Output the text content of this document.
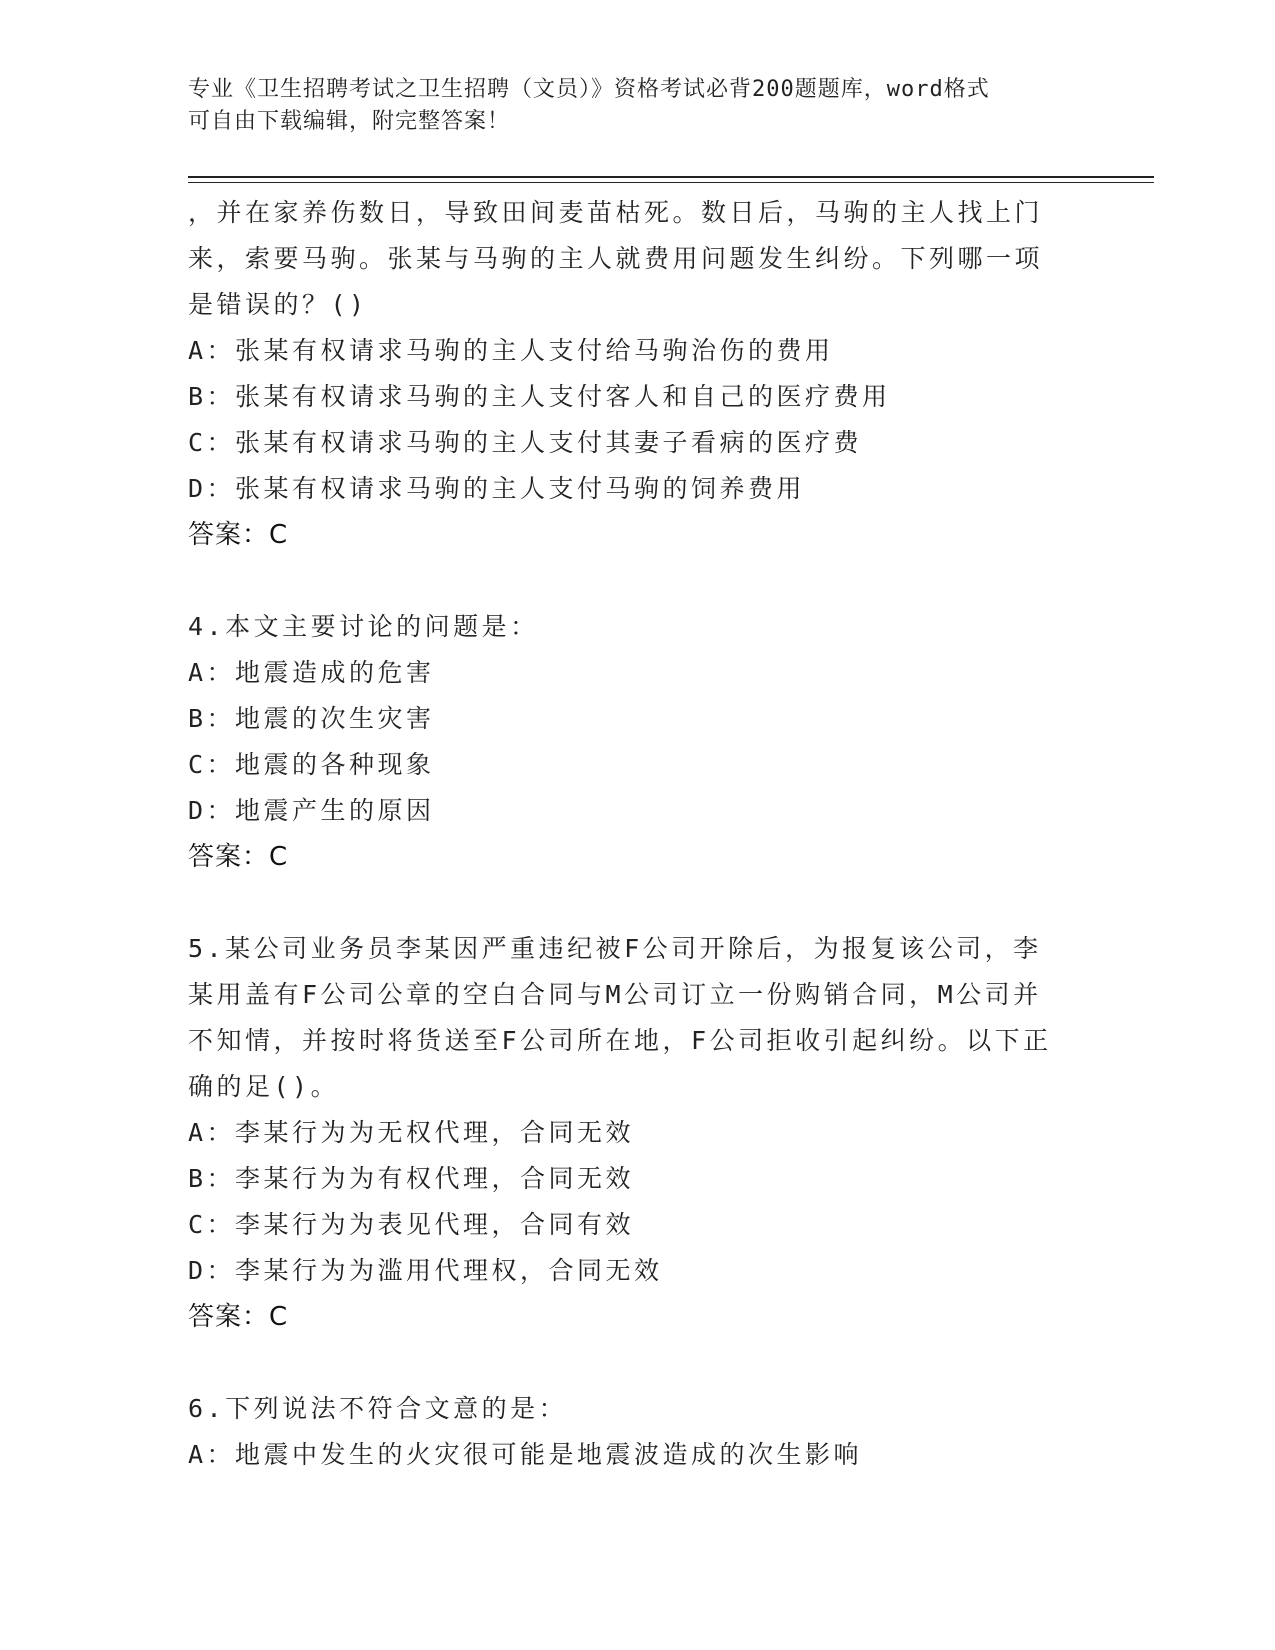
专业《卫生招聘考试之卫生招聘（文员）》资格考试必背200题题库，word格式
可自由下载编辑，附完整答案！
，并在家养伤数日，导致田间麦苗枯死。数日后，马驹的主人找上门
来，索要马驹。张某与马驹的主人就费用问题发生纠纷。下列哪一项
是错误的？()
A：张某有权请求马驹的主人支付给马驹治伤的费用
B：张某有权请求马驹的主人支付客人和自己的医疗费用
C：张某有权请求马驹的主人支付其妻子看病的医疗费
D：张某有权请求马驹的主人支付马驹的饲养费用
答案：C
4.本文主要讨论的问题是：
A：地震造成的危害
B：地震的次生灾害
C：地震的各种现象
D：地震产生的原因
答案：C
5.某公司业务员李某因严重违纪被F公司开除后，为报复该公司，李
某用盖有F公司公章的空白合同与M公司订立一份购销合同，M公司并
不知情，并按时将货送至F公司所在地，F公司拒收引起纠纷。以下正
确的足()。
A：李某行为为无权代理，合同无效
B：李某行为为有权代理，合同无效
C：李某行为为表见代理，合同有效
D：李某行为为滥用代理权，合同无效
答案：C
6.下列说法不符合文意的是：
A：地震中发生的火灾很可能是地震波造成的次生影响
